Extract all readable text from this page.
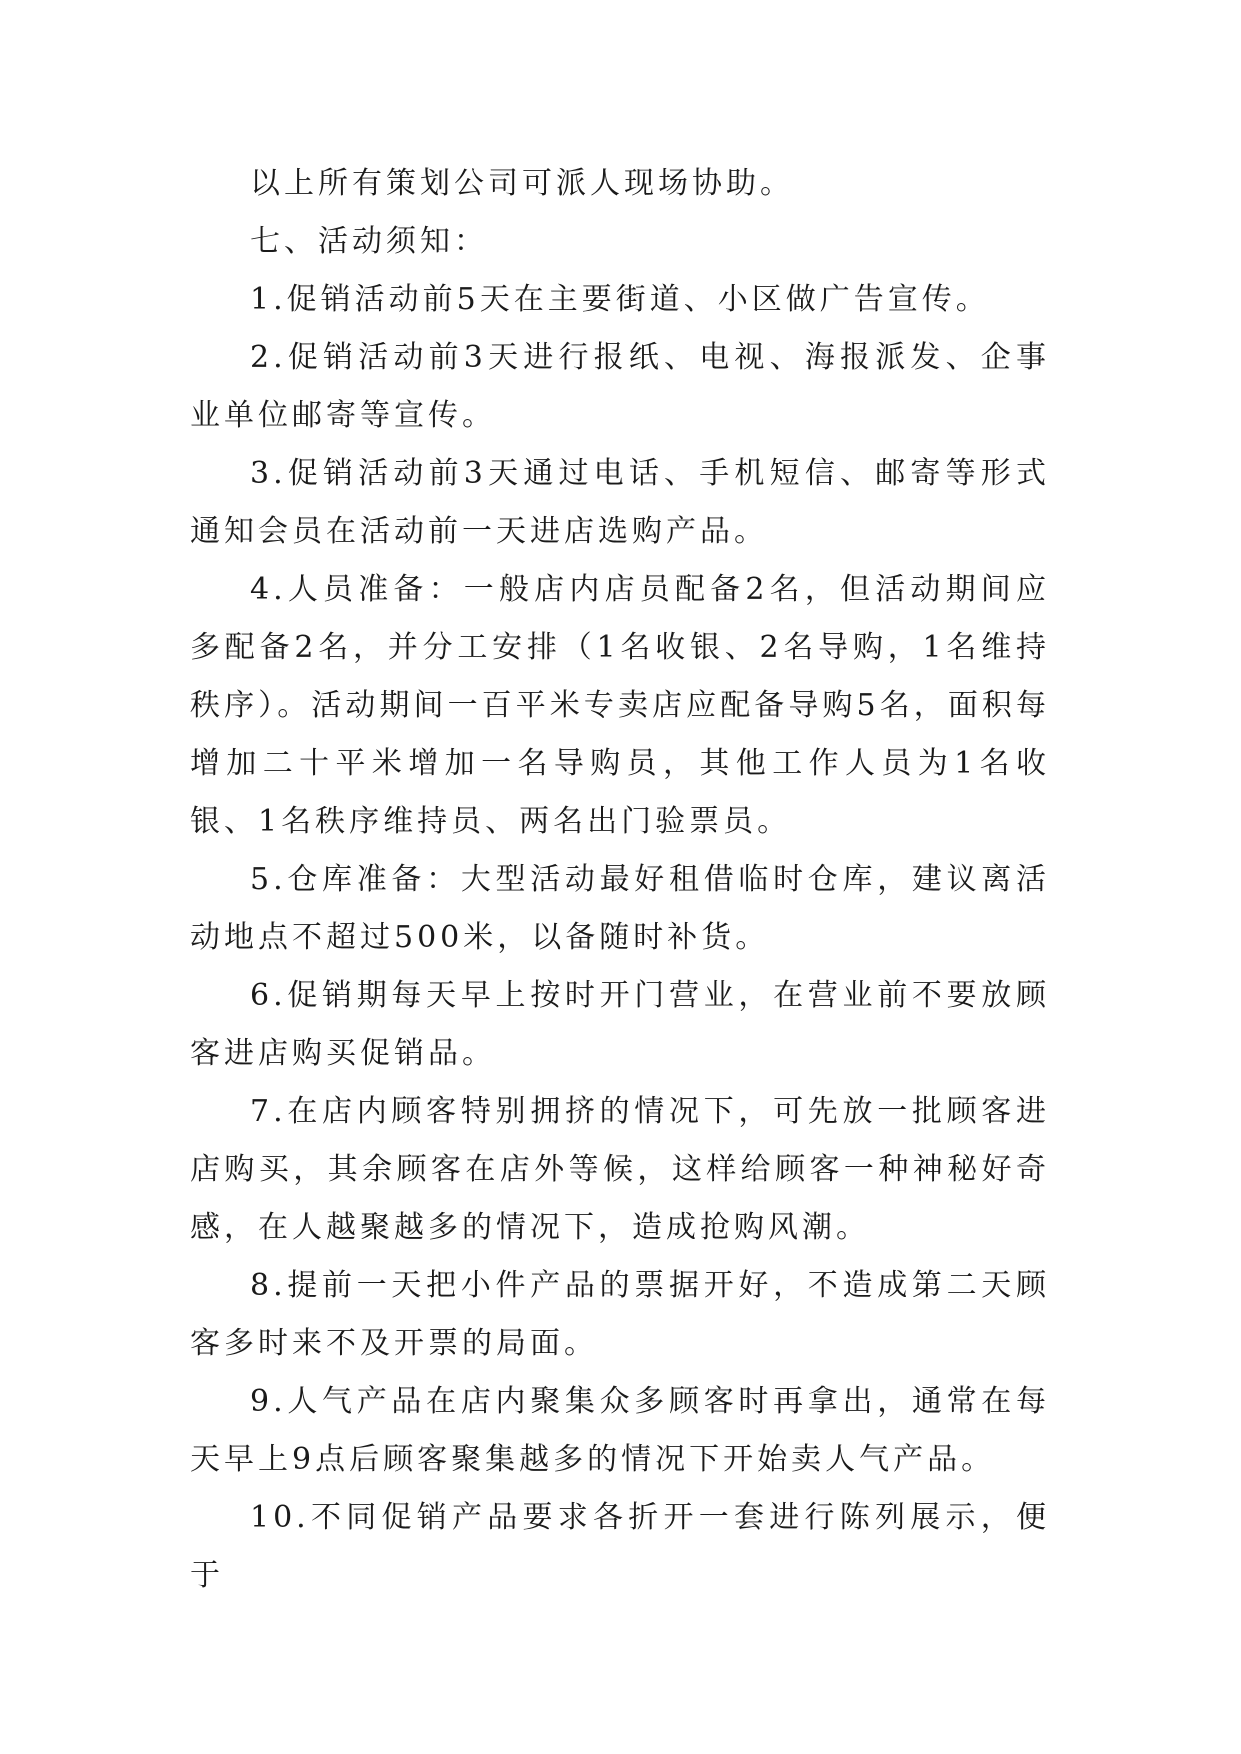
以上所有策划公司可派人现场协助。

七、活动须知：

1.促销活动前5天在主要街道、小区做广告宣传。

2.促销活动前3天进行报纸、电视、海报派发、企事业单位邮寄等宣传。

3.促销活动前3天通过电话、手机短信、邮寄等形式通知会员在活动前一天进店选购产品。

4.人员准备：一般店内店员配备2名，但活动期间应多配备2名，并分工安排（1名收银、2名导购，1名维持秩序）。活动期间一百平米专卖店应配备导购5名，面积每增加二十平米增加一名导购员，其他工作人员为1名收银、1名秩序维持员、两名出门验票员。

5.仓库准备：大型活动最好租借临时仓库，建议离活动地点不超过500米，以备随时补货。

6.促销期每天早上按时开门营业，在营业前不要放顾客进店购买促销品。

7.在店内顾客特别拥挤的情况下，可先放一批顾客进店购买，其余顾客在店外等候，这样给顾客一种神秘好奇感，在人越聚越多的情况下，造成抢购风潮。

8.提前一天把小件产品的票据开好，不造成第二天顾客多时来不及开票的局面。

9.人气产品在店内聚集众多顾客时再拿出，通常在每天早上9点后顾客聚集越多的情况下开始卖人气产品。

10.不同促销产品要求各折开一套进行陈列展示，便于
